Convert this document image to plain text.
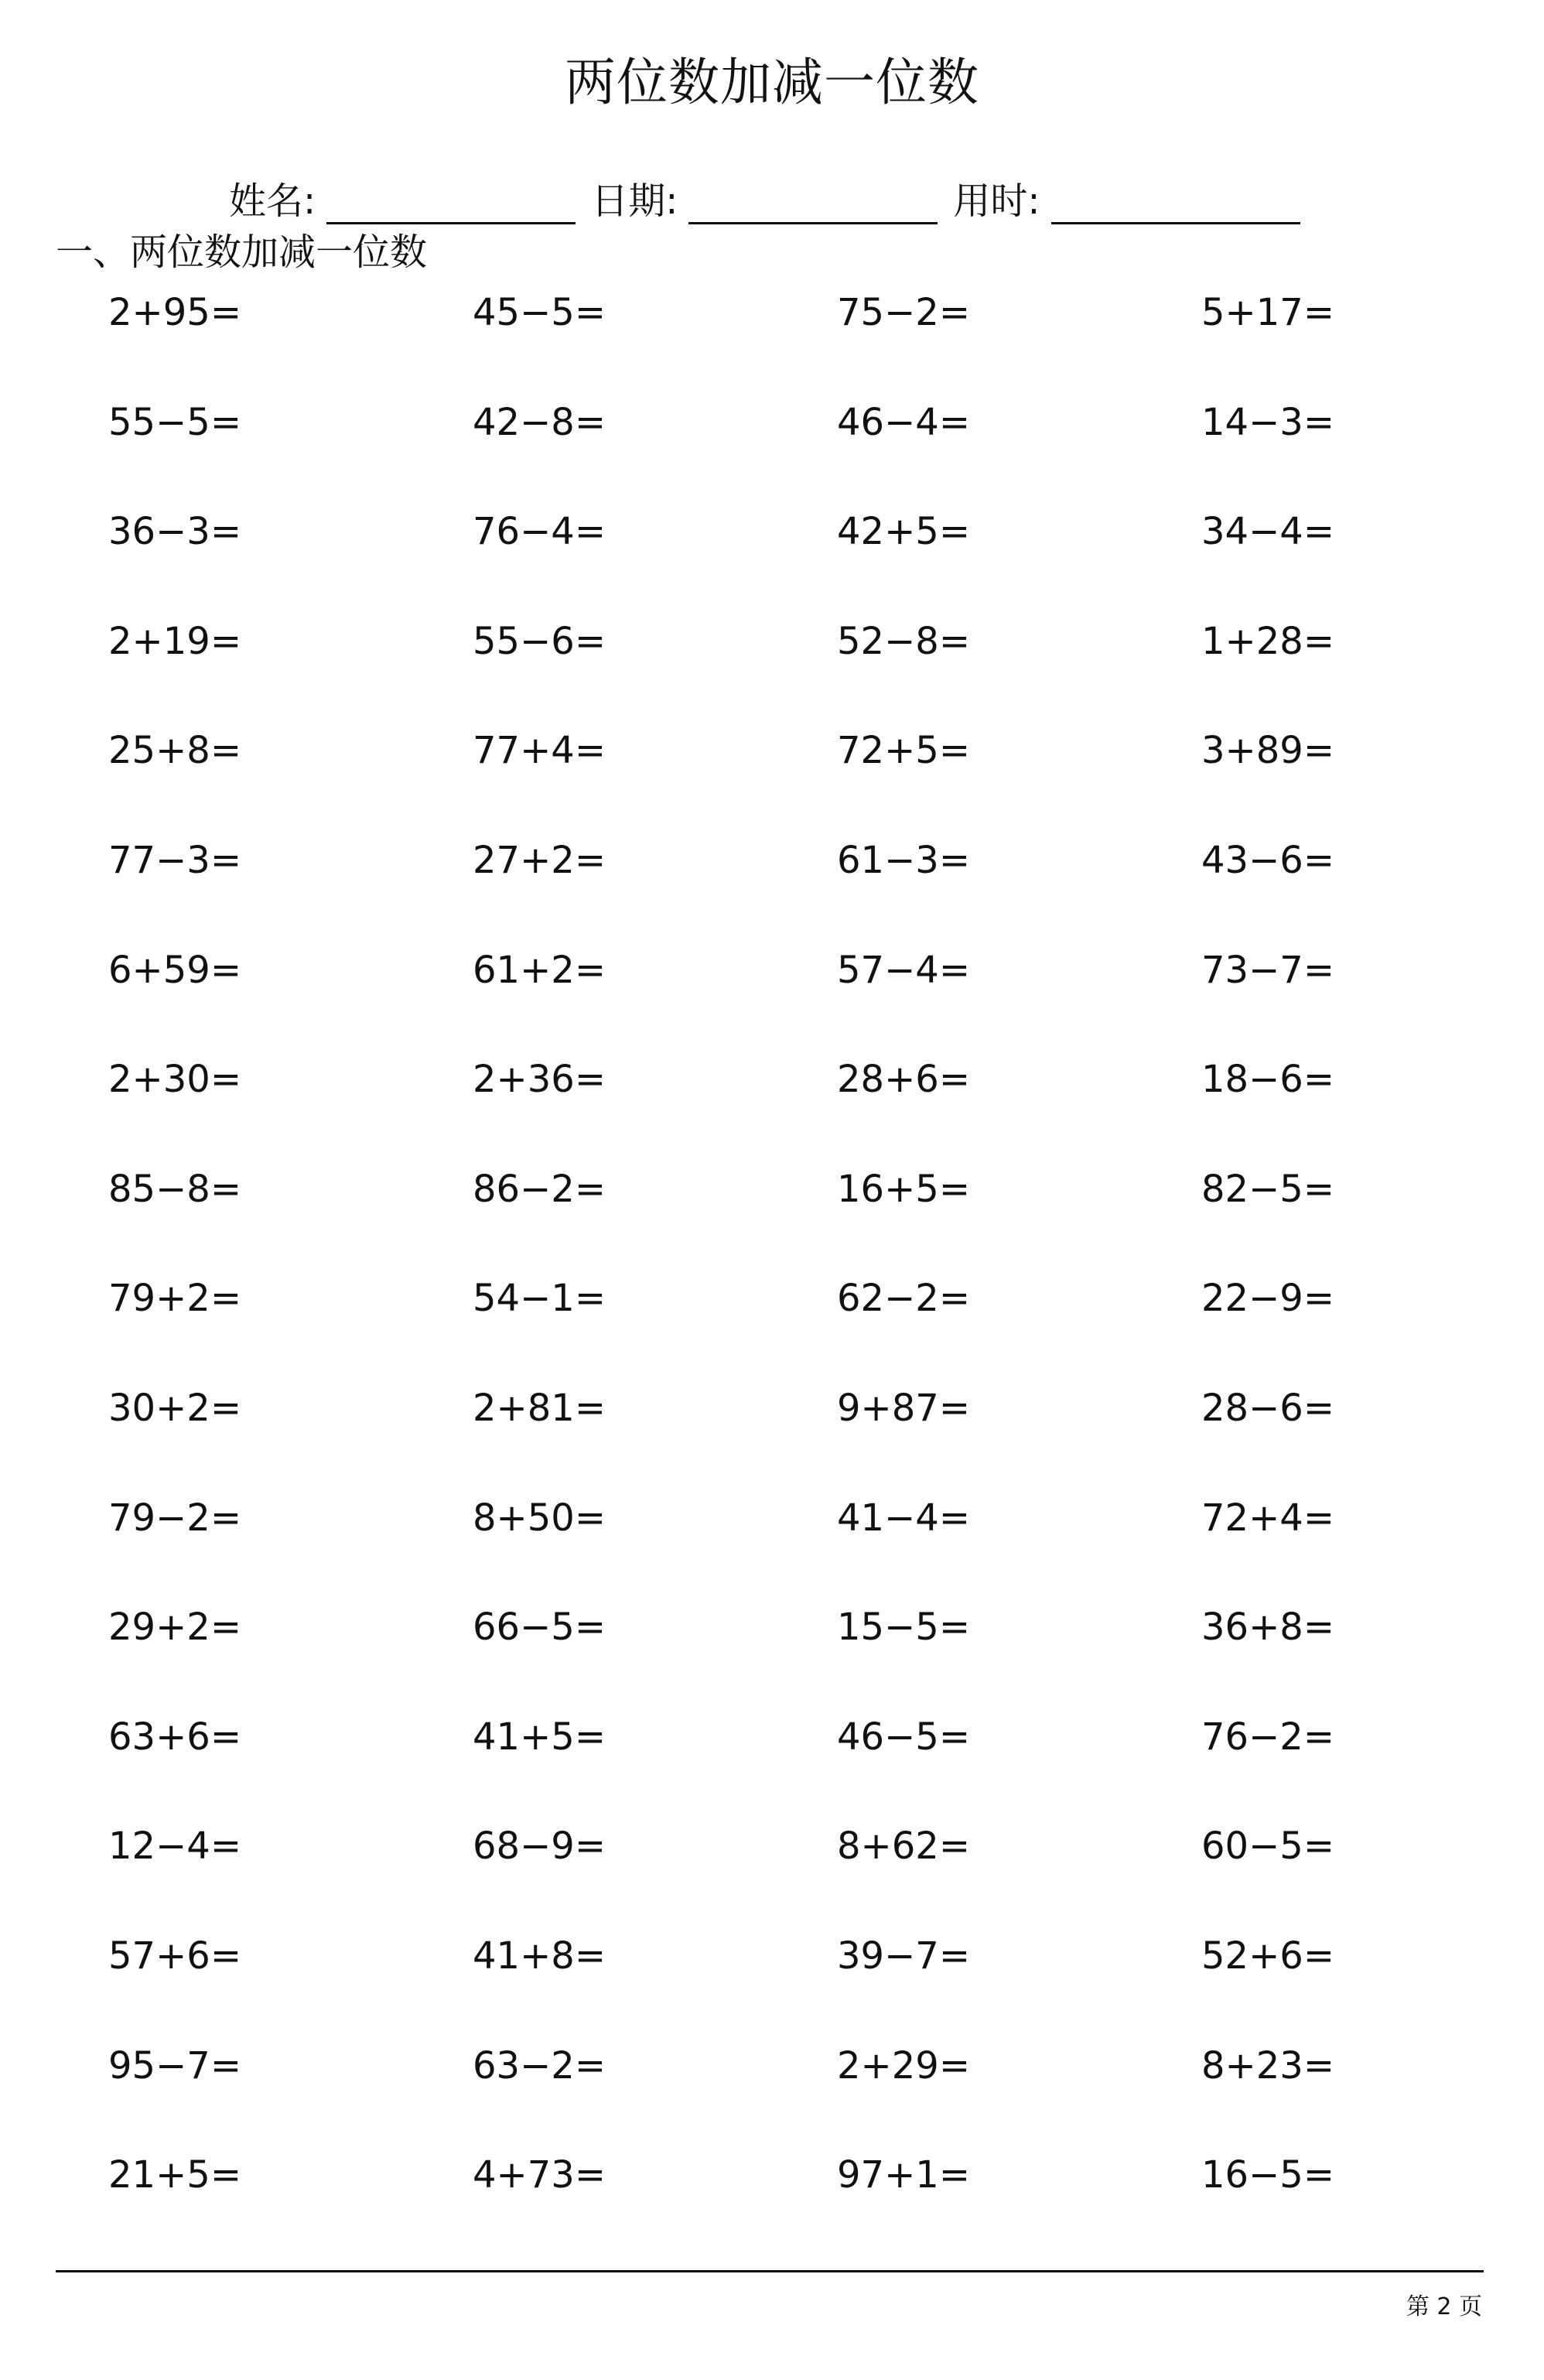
两位数加减一位数
姓名:	日期:	用时:
一、两位数加减一位数
2+95=	45−5=	75−2=	5+17=
55−5=	42−8=	46−4=	14−3=
36−3=	76−4=	42+5=	34−4=
2+19=	55−6=	52−8=	1+28=
25+8=	77+4=	72+5=	3+89=
77−3=	27+2=	61−3=	43−6=
6+59=	61+2=	57−4=	73−7=
2+30=	2+36=	28+6=	18−6=
85−8=	86−2=	16+5=	82−5=
79+2=	54−1=	62−2=	22−9=
30+2=	2+81=	9+87=	28−6=
79−2=	8+50=	41−4=	72+4=
29+2=	66−5=	15−5=	36+8=
63+6=	41+5=	46−5=	76−2=
12−4=	68−9=	8+62=	60−5=
57+6=	41+8=	39−7=	52+6=
95−7=	63−2=	2+29=	8+23=
21+5=	4+73=	97+1=	16−5=
第 2 页
